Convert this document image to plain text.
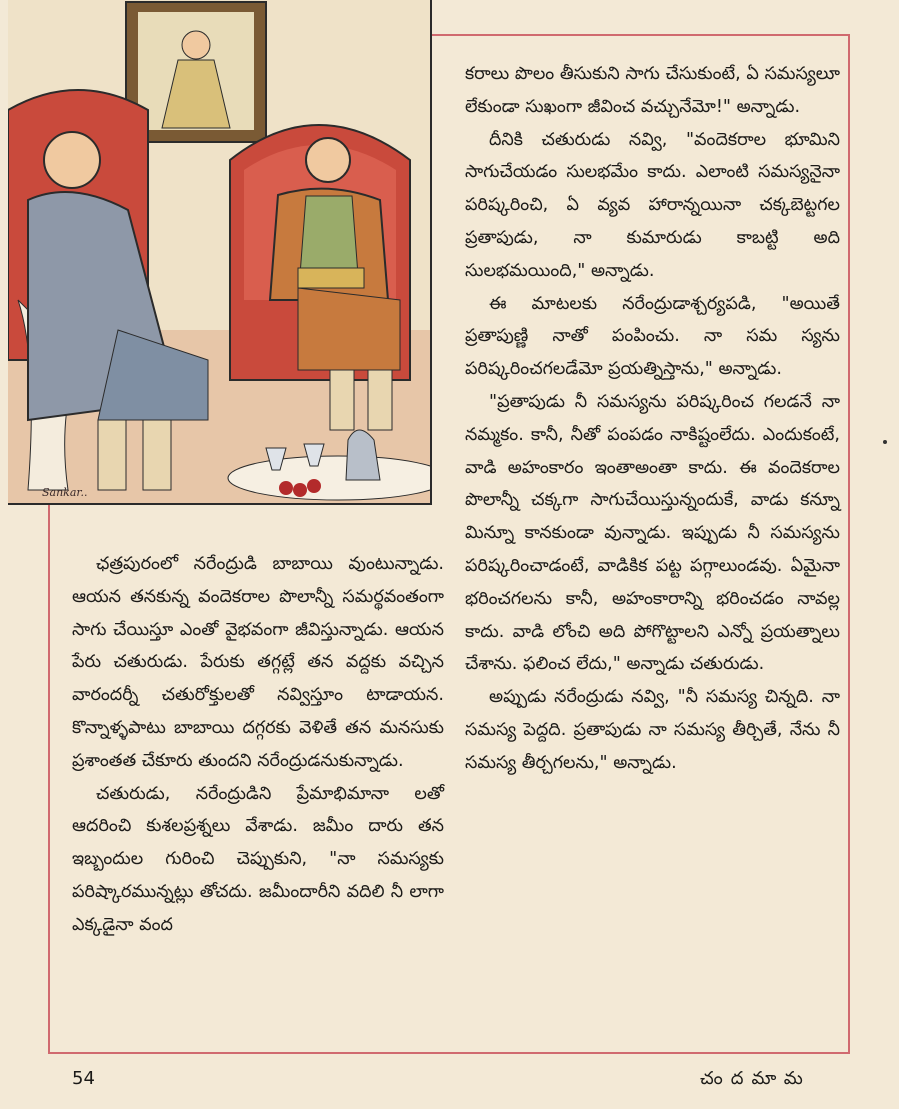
Sankar..

కరాలు పొలం తీసుకుని సాగు చేసుకుంటే, ఏ సమస్యలూ లేకుండా సుఖంగా జీవించ వచ్చునేమో!" అన్నాడు.

దీనికి చతురుడు నవ్వి, "వందెకరాల భూమిని సాగుచేయడం సులభమేం కాదు. ఎలాంటి సమస్యనైనా పరిష్కరించి, ఏ వ్యవ హారాన్నయినా చక్కబెట్టగల ప్రతాపుడు, నా కుమారుడు కాబట్టి అది సులభమయింది," అన్నాడు.

ఈ మాటలకు నరేంద్రుడాశ్చర్యపడి, "అయితే ప్రతాపుణ్ణి నాతో పంపించు. నా సమ స్యను పరిష్కరించగలడేమో ప్రయత్నిస్తాను," అన్నాడు.

"ప్రతాపుడు నీ సమస్యను పరిష్కరించ గలడనే నా నమ్మకం. కానీ, నీతో పంపడం నాకిష్టంలేదు. ఎందుకంటే, వాడి అహంకారం ఇంతాఅంతా కాదు. ఈ వందెకరాల పొలాన్నీ చక్కగా సాగుచేయిస్తున్నందుకే, వాడు కన్నూ మిన్నూ కానకుండా వున్నాడు. ఇప్పుడు నీ సమస్యను పరిష్కరించాడంటే, వాడికిక పట్ట పగ్గాలుండవు. ఏమైనా భరించగలను కానీ, అహంకారాన్ని భరించడం నావల్ల కాదు. వాడి లోంచి అది పోగొట్టాలని ఎన్నో ప్రయత్నాలు చేశాను. ఫలించ లేదు," అన్నాడు చతురుడు.

అప్పుడు నరేంద్రుడు నవ్వి, "నీ సమస్య చిన్నది. నా సమస్య పెద్దది. ప్రతాపుడు నా సమస్య తీర్చితే, నేను నీ సమస్య తీర్చగలను," అన్నాడు.

ఛత్రపురంలో నరేంద్రుడి బాబాయి వుంటున్నాడు. ఆయన తనకున్న వందెకరాల పొలాన్నీ సమర్థవంతంగా సాగు చేయిస్తూ ఎంతో వైభవంగా జీవిస్తున్నాడు. ఆయన పేరు చతురుడు. పేరుకు తగ్గట్లే తన వద్దకు వచ్చిన వారందర్నీ చతురోక్తులతో నవ్విస్తూం టాడాయన. కొన్నాళ్ళపాటు బాబాయి దగ్గరకు వెళితే తన మనసుకు ప్రశాంతత చేకూరు తుందని నరేంద్రుడనుకున్నాడు.

చతురుడు, నరేంద్రుడిని ప్రేమాభిమానా లతో ఆదరించి కుశలప్రశ్నలు వేశాడు. జమీం దారు తన ఇబ్బందుల గురించి చెప్పుకుని, "నా సమస్యకు పరిష్కారమున్నట్లు తోచదు. జమీందారీని వదిలి నీ లాగా ఎక్కడైనా వంద

54	చందమామ
